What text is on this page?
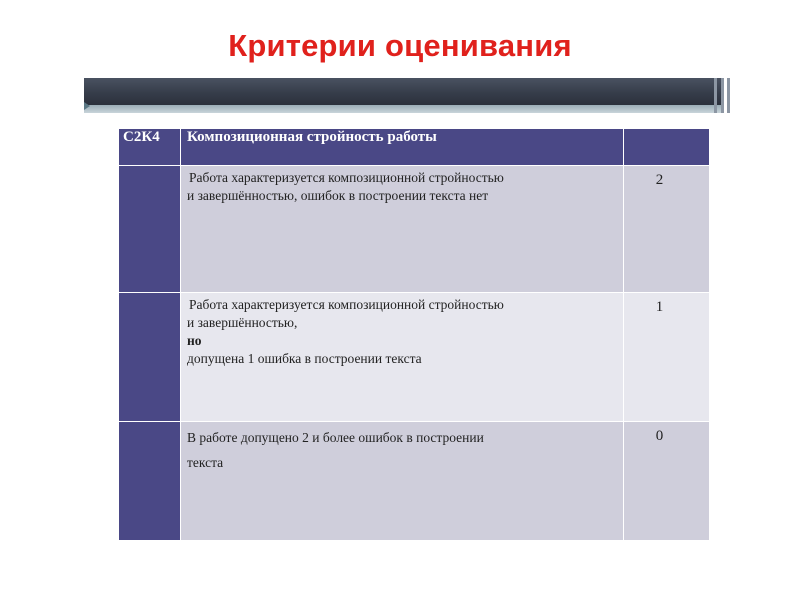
Критерии оценивания
С2К4	Композиционная стройность работы	

	Работа характеризуется композиционной стройностью
и завершённостью, ошибок в построении текста нет	2

	Работа характеризуется композиционной стройностью
и завершённостью,
но
допущена 1 ошибка в построении текста	1

	В работе допущено 2 и более ошибок в построении
текста	0
